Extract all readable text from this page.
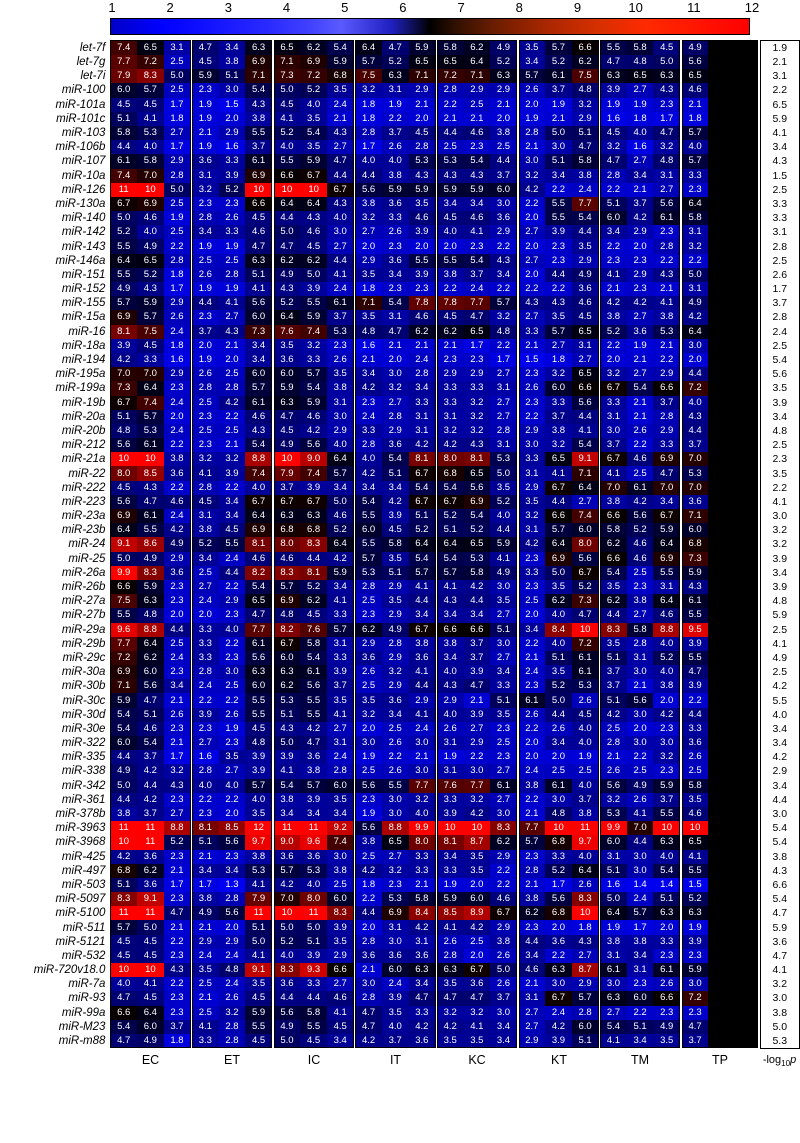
1	2	3	4	5	6	7	8	9	10	11	12
let-7f	7.4	6.5	3.1		4.7	3.4	6.3		6.5	6.2	5.4		6.4	4.7	5.9		5.8	6.2	4.9		3.5	5.7	6.6		5.5	5.8	4.5		4.9				1.9
let-7g	7.7	7.2	2.5		4.5	3.8	6.9		7.1	6.9	5.9		5.7	5.2	6.5		6.5	6.4	5.2		3.4	5.2	6.2		4.7	4.8	5.0		5.6				2.1
let-7i	7.9	8.3	5.0		5.9	5.1	7.1		7.3	7.2	6.8		7.5	6.3	7.1		7.2	7.1	6.3		5.7	6.1	7.5		6.3	6.5	6.3		6.5				3.1
miR-100	6.0	5.7	2.5		2.3	3.0	5.4		5.0	5.2	3.5		3.2	3.1	2.9		2.8	2.9	2.9		2.6	3.7	4.8		3.9	2.7	4.3		4.6				2.2
miR-101a	4.5	4.5	1.7		1.9	1.5	4.3		4.5	4.0	2.4		1.8	1.9	2.1		2.2	2.5	2.1		2.0	1.9	3.2		1.9	1.9	2.3		2.1				6.5
miR-101c	5.1	4.1	1.8		1.9	2.0	3.8		4.1	3.5	2.1		1.8	2.2	2.0		2.1	2.1	2.0		1.9	2.1	2.9		1.6	1.8	1.7		1.8				5.9
miR-103	5.8	5.3	2.7		2.1	2.9	5.5		5.2	5.4	4.3		2.8	3.7	4.5		4.4	4.6	3.8		2.8	5.0	5.1		4.5	4.0	4.7		5.7				4.1
miR-106b	4.4	4.0	1.7		1.9	1.6	3.7		4.0	3.5	2.7		1.7	2.6	2.8		2.5	2.3	2.5		2.1	3.0	4.7		3.2	1.6	3.2		4.0				3.4
miR-107	6.1	5.8	2.9		3.6	3.3	6.1		5.5	5.9	4.7		4.0	4.0	5.3		5.3	5.4	4.4		3.0	5.1	5.8		4.7	2.7	4.8		5.7				4.3
miR-10a	7.4	7.0	2.8		3.1	3.9	6.9		6.6	6.7	4.4		4.4	3.8	4.3		4.3	4.3	3.7		3.2	3.4	3.8		2.8	3.4	3.1		3.3				1.5
miR-126	11	10	5.0		3.2	5.2	10		10	10	6.7		5.6	5.9	5.9		5.9	5.9	6.0		4.2	2.2	2.4		2.2	2.1	2.7		2.3				2.5
miR-130a	6.7	6.9	2.5		2.3	2.3	6.6		6.4	6.4	4.3		3.8	3.6	3.5		3.4	3.4	3.0		2.2	5.5	7.7		5.1	3.7	5.6		6.4				3.3
miR-140	5.0	4.6	1.9		2.8	2.6	4.5		4.4	4.3	4.0		3.2	3.3	4.6		4.5	4.6	3.6		2.0	5.5	5.4		6.0	4.2	6.1		5.8				3.3
miR-142	5.2	4.0	2.5		3.4	3.3	4.6		5.0	4.6	3.0		2.7	2.6	3.9		4.0	4.1	2.9		2.7	3.9	4.4		3.4	2.9	2.3		3.1				3.1
miR-143	5.5	4.9	2.2		1.9	1.9	4.7		4.7	4.5	2.7		2.0	2.3	2.0		2.0	2.3	2.2		2.0	2.3	3.5		2.2	2.0	2.8		3.2				2.8
miR-146a	6.4	6.5	2.8		2.5	2.5	6.3		6.2	6.2	4.4		2.9	3.6	5.5		5.5	5.4	4.3		2.7	2.3	2.9		2.3	2.3	2.2		2.2				2.5
miR-151	5.5	5.2	1.8		2.6	2.8	5.1		4.9	5.0	4.1		3.5	3.4	3.9		3.8	3.7	3.4		2.0	4.4	4.9		4.1	2.9	4.3		5.0				2.6
miR-152	4.9	4.3	1.7		1.9	1.9	4.1		4.3	3.9	2.4		1.8	2.3	2.3		2.2	2.4	2.2		2.2	2.2	3.6		2.1	2.3	2.1		3.1				1.7
miR-155	5.7	5.9	2.9		4.4	4.1	5.6		5.2	5.5	6.1		7.1	5.4	7.8		7.8	7.7	5.7		4.3	4.3	4.6		4.2	4.2	4.1		4.9				3.7
miR-15a	6.9	5.7	2.6		2.3	2.7	6.0		6.4	5.9	3.7		3.5	3.1	4.6		4.5	4.7	3.2		2.7	3.5	4.5		3.8	2.7	3.8		4.2				2.8
miR-16	8.1	7.5	2.4		3.7	4.3	7.3		7.6	7.4	5.3		4.8	4.7	6.2		6.2	6.5	4.8		3.3	5.7	6.5		5.2	3.6	5.3		6.4				2.4
miR-18a	3.9	4.5	1.8		2.0	2.1	3.4		3.5	3.2	2.3		1.6	2.1	2.1		2.1	1.7	2.2		2.1	2.7	3.1		2.2	1.9	2.1		3.0				2.5
miR-194	4.2	3.3	1.6		1.9	2.0	3.4		3.6	3.3	2.6		2.1	2.0	2.4		2.3	2.3	1.7		1.5	1.8	2.7		2.0	2.1	2.2		2.0				5.4
miR-195a	7.0	7.0	2.9		2.6	2.5	6.0		6.0	5.7	3.5		3.4	3.0	2.8		2.9	2.9	2.7		2.3	3.2	6.5		3.2	2.7	2.9		4.4				5.6
miR-199a	7.3	6.4	2.3		2.8	2.8	5.7		5.9	5.4	3.8		4.2	3.2	3.4		3.3	3.3	3.1		2.6	6.0	6.6		6.7	5.4	6.6		7.2				3.5
miR-19b	6.7	7.4	2.4		2.5	4.2	6.1		6.3	5.9	3.1		2.3	2.7	3.3		3.3	3.2	2.7		2.3	3.3	5.6		3.3	2.1	3.7		4.0				3.9
miR-20a	5.1	5.7	2.0		2.3	2.2	4.6		4.7	4.6	3.0		2.4	2.8	3.1		3.1	3.2	2.7		2.2	3.7	4.4		3.1	2.1	2.8		4.3				3.4
miR-20b	4.8	5.3	2.4		2.5	2.5	4.3		4.5	4.2	2.9		3.3	2.9	3.1		3.2	3.2	2.8		2.9	3.8	4.1		3.0	2.6	2.9		4.4				4.8
miR-212	5.6	6.1	2.2		2.3	2.1	5.4		4.9	5.6	4.0		2.8	3.6	4.2		4.2	4.3	3.1		3.0	3.2	5.4		3.7	2.2	3.3		3.7				2.5
miR-21a	10	10	3.8		3.2	3.2	8.8		10	9.0	6.4		4.0	5.4	8.1		8.0	8.1	5.3		3.3	6.5	9.1		6.7	4.6	6.9		7.0				2.3
miR-22	8.0	8.5	3.6		4.1	3.9	7.4		7.9	7.4	5.7		4.2	5.1	6.7		6.8	6.5	5.0		3.1	4.1	7.1		4.1	2.5	4.7		5.3				3.5
miR-222	4.5	4.3	2.2		2.8	2.2	4.0		3.7	3.9	3.4		3.4	3.4	5.4		5.4	5.6	3.5		2.9	6.7	6.4		7.0	6.1	7.0		7.0				2.2
miR-223	5.6	4.7	4.6		4.5	3.4	6.7		6.7	6.7	5.0		5.4	4.2	6.7		6.7	6.9	5.2		3.5	4.4	2.7		3.8	4.2	3.4		3.6				4.1
miR-23a	6.9	6.1	2.4		3.1	3.4	6.4		6.3	6.3	4.6		5.5	3.9	5.1		5.2	5.4	4.0		3.2	6.6	7.4		6.6	5.6	6.7		7.1				3.0
miR-23b	6.4	5.5	4.2		3.8	4.5	6.9		6.8	6.8	5.2		6.0	4.5	5.2		5.1	5.2	4.4		3.1	5.7	6.0		5.8	5.2	5.9		6.0				3.2
miR-24	9.1	8.6	4.9		5.2	5.5	8.1		8.0	8.3	6.4		5.5	5.8	6.4		6.4	6.5	5.9		4.2	6.4	8.0		6.2	4.6	6.4		6.8				3.2
miR-25	5.0	4.9	2.9		3.4	2.4	4.6		4.6	4.4	4.2		5.7	3.5	5.4		5.4	5.3	4.1		2.3	6.9	5.6		6.6	4.6	6.9		7.3				3.9
miR-26a	9.9	8.3	3.6		2.5	4.4	8.2		8.3	8.1	5.9		5.3	5.1	5.7		5.7	5.8	4.9		3.3	5.0	6.7		5.4	2.5	5.5		5.9				3.4
miR-26b	6.6	5.9	2.3		2.7	2.2	5.4		5.7	5.2	3.4		2.8	2.9	4.1		4.1	4.2	3.0		2.3	3.5	5.2		3.5	2.3	3.1		4.3				3.9
miR-27a	7.5	6.3	2.3		2.4	2.9	6.5		6.9	6.2	4.1		2.5	3.5	4.4		4.3	4.4	3.5		2.5	6.2	7.3		6.2	3.8	6.4		6.1				4.8
miR-27b	5.5	4.8	2.0		2.0	2.3	4.7		4.8	4.5	3.3		2.3	2.9	3.4		3.4	3.4	2.7		2.0	4.0	4.7		4.4	2.7	4.6		5.5				5.9
miR-29a	9.6	8.8	4.4		3.3	4.0	7.7		8.2	7.6	5.7		6.2	4.9	6.7		6.6	6.6	5.1		3.4	8.4	10		8.3	5.8	8.8		9.5				2.5
miR-29b	7.7	6.4	2.5		3.3	2.2	6.1		6.7	5.8	3.1		2.9	2.8	3.8		3.8	3.7	3.0		2.2	4.0	7.2		3.5	2.8	4.0		3.9				4.1
miR-29c	7.2	6.2	2.4		3.3	2.3	5.6		6.0	5.4	3.3		3.6	2.9	3.6		3.4	3.7	2.7		2.1	5.1	6.1		5.1	3.1	5.2		5.5				4.9
miR-30a	6.9	6.0	2.3		2.8	3.0	6.3		6.3	6.1	3.9		2.6	3.2	4.1		4.0	3.9	3.4		2.4	3.5	6.1		3.7	3.0	4.0		4.7				2.5
miR-30b	7.1	5.6	3.4		2.4	2.5	6.0		6.2	5.6	3.7		2.5	2.9	4.4		4.3	4.7	3.3		2.3	5.2	5.3		3.7	2.1	3.8		3.9				4.2
miR-30c	5.9	4.7	2.1		2.2	2.2	5.5		5.3	5.5	3.5		3.5	3.6	2.9		2.9	2.1	5.1		6.1	5.0	2.6		5.1	5.6	2.0		2.2				5.5
miR-30d	5.4	5.1	2.6		3.9	2.6	5.5		5.1	5.5	4.1		3.2	3.4	4.1		4.0	3.9	3.5		2.6	4.4	4.5		4.2	3.0	4.2		4.4				4.0
miR-30e	5.4	4.6	2.3		2.3	1.9	4.5		4.3	4.2	2.7		2.0	2.5	2.4		2.6	2.7	2.3		2.2	2.6	4.0		2.5	2.0	2.3		3.3				3.4
miR-322	6.0	5.4	2.1		2.7	2.3	4.8		5.0	4.7	3.1		3.0	2.6	3.0		3.1	2.9	2.5		2.0	3.4	4.0		2.8	3.0	3.0		3.6				3.4
miR-335	4.4	3.7	1.7		1.6	3.5	3.9		3.9	3.6	2.4		1.9	2.2	2.1		1.9	2.2	2.3		2.0	2.0	1.9		2.1	2.2	3.2		2.6				4.2
miR-338	4.9	4.2	3.2		2.8	2.7	3.9		4.1	3.8	2.8		2.5	2.6	3.0		3.1	3.0	2.7		2.4	2.5	2.5		2.6	2.5	2.3		2.5				2.9
miR-342	5.0	4.4	4.3		4.0	4.0	5.7		5.4	5.7	6.0		5.6	5.5	7.7		7.6	7.7	6.1		3.8	6.1	4.0		5.6	4.9	5.9		5.8				3.4
miR-361	4.4	4.2	2.3		2.2	2.2	4.0		3.8	3.9	3.5		2.3	3.0	3.2		3.3	3.2	2.7		2.2	3.0	3.7		3.2	2.6	3.7		3.5				4.4
miR-378b	3.8	3.7	2.7		2.3	2.0	3.5		3.4	3.4	3.4		1.9	3.0	4.0		3.9	4.2	3.0		2.1	4.8	3.8		5.3	4.1	5.5		4.6				3.0
miR-3963	11	11	8.8		8.1	8.5	12		11	11	9.2		5.6	8.8	9.9		10	10	8.3		7.7	10	11		9.9	7.0	10		10				5.4
miR-3968	10	11	5.2		5.1	5.6	9.7		9.0	9.6	7.4		3.8	6.5	8.0		8.1	8.7	6.2		5.7	6.8	9.7		6.0	4.4	6.3		6.5				5.4
miR-425	4.2	3.6	2.3		2.1	2.3	3.8		3.6	3.6	3.0		2.5	2.7	3.3		3.4	3.5	2.9		2.3	3.3	4.0		3.1	3.0	4.0		4.1				3.8
miR-497	6.8	6.2	2.1		3.4	3.4	5.3		5.7	5.3	3.8		4.2	3.2	3.3		3.3	3.5	2.2		2.8	5.2	6.4		5.1	3.0	5.4		5.5				4.3
miR-503	5.1	3.6	1.7		1.7	1.3	4.1		4.2	4.0	2.5		1.8	2.3	2.1		1.9	2.0	2.2		2.1	1.7	2.6		1.6	1.4	1.4		1.5				6.6
miR-5097	8.3	9.1	2.3		3.8	2.8	7.9		7.0	8.0	6.0		2.2	5.3	5.8		5.9	6.0	4.6		3.8	5.6	8.3		5.0	2.4	5.1		5.2				5.4
miR-5100	11	11	4.7		4.9	5.6	11		10	11	8.3		4.4	6.9	8.4		8.5	8.9	6.7		6.2	6.8	10		6.4	5.7	6.3		6.3				4.7
miR-511	5.7	5.0	2.1		2.1	2.0	5.1		5.0	5.0	3.9		2.0	3.1	4.2		4.1	4.2	2.9		2.3	2.0	1.8		1.9	1.7	2.0		1.9				5.9
miR-5121	4.5	4.5	2.2		2.9	2.9	5.0		5.2	5.1	3.5		2.8	3.0	3.1		2.6	2.5	3.8		4.4	3.6	4.3		3.8	3.8	3.3		3.9				3.6
miR-532	4.5	4.5	2.3		2.4	2.4	4.1		4.0	3.9	2.9		3.6	3.6	3.6		2.8	2.0	2.6		3.4	2.2	2.7		3.1	3.4	2.3		2.3				4.7
miR-720v18.0	10	10	4.3		3.5	4.8	9.1		8.3	9.3	6.6		2.1	6.0	6.3		6.3	6.7	5.0		4.6	6.3	8.7		6.1	3.1	6.1		5.9				4.1
miR-7a	4.0	4.1	2.2		2.5	2.4	3.5		3.6	3.3	2.7		3.0	2.4	3.4		3.5	3.6	2.6		2.1	3.0	2.9		3.0	2.3	2.6		3.0				3.2
miR-93	4.7	4.5	2.3		2.1	2.6	4.5		4.4	4.4	4.6		2.8	3.9	4.7		4.7	4.7	3.7		3.1	6.7	5.7		6.3	6.0	6.6		7.2				3.0
miR-99a	6.6	6.4	2.3		2.5	3.2	5.9		5.6	5.8	4.1		4.7	3.5	3.3		3.2	3.2	3.0		2.7	2.4	2.8		2.7	2.2	2.3		2.3				3.8
miR-M23	5.4	6.0	3.7		4.1	2.8	5.5		4.9	5.5	4.5		4.7	4.0	4.2		4.2	4.1	3.4		2.7	4.2	6.0		5.4	5.1	4.9		4.7				5.0
miR-m88	4.7	4.9	1.8		3.3	2.8	4.5		5.0	4.5	3.4		4.2	3.7	3.6		3.5	3.5	3.4		2.9	3.9	5.1		4.1	3.4	3.5		3.7				5.3
EC	ET	IC	IT	KC	KT	TM	TP	$-\log_{10}p$
